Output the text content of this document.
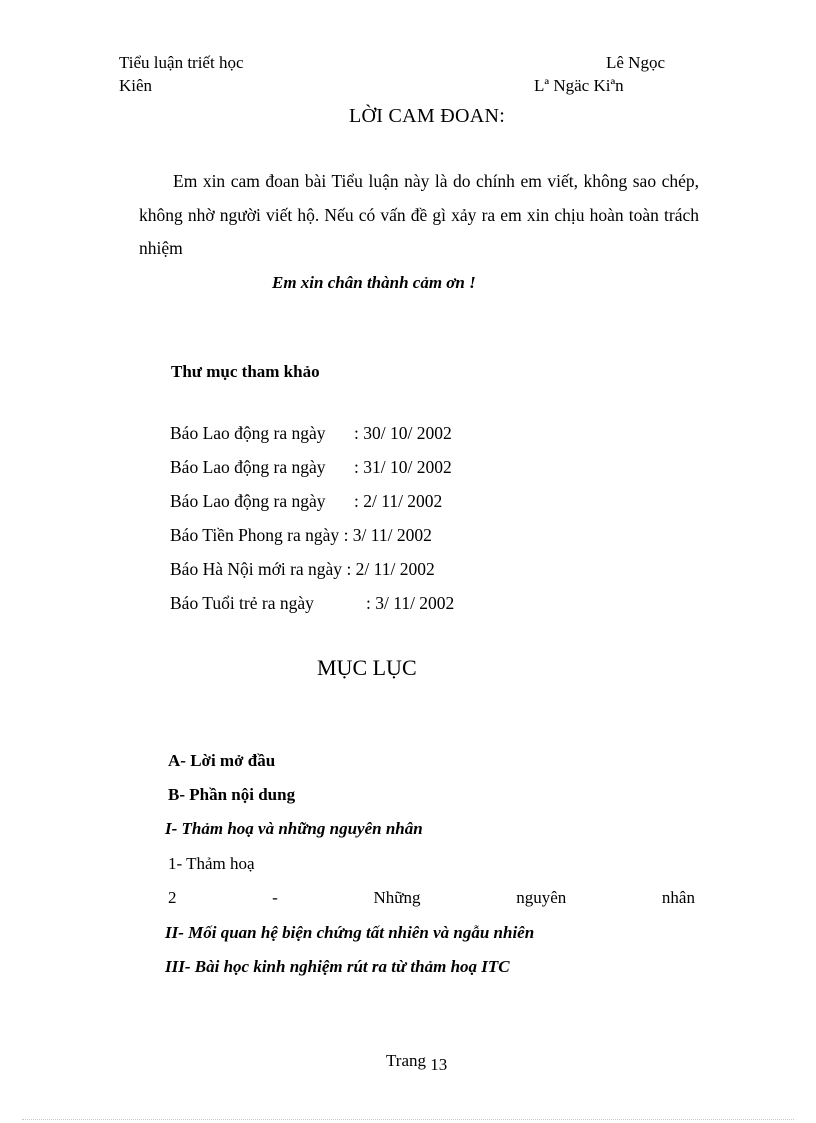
Tiểu luận triết học
Kiên
Lê Ngọc
Lª Ngäc Kiªn
LỜI CAM ĐOAN:
Em xin cam đoan bài Tiểu luận này là do chính em viết, không sao chép, không nhờ người viết hộ. Nếu có vấn đề gì xảy ra em xin chịu hoàn toàn trách nhiệm
Em xin chân thành cảm ơn !
Thư mục tham khảo
Báo Lao động ra ngày : 30/ 10/ 2002
Báo Lao động ra ngày : 31/ 10/ 2002
Báo Lao động ra ngày : 2/ 11/ 2002
Báo Tiền Phong ra ngày : 3/ 11/ 2002
Báo Hà Nội mới ra ngày : 2/ 11/ 2002
Báo Tuổi trẻ ra ngày	: 3/ 11/ 2002
MỤC LỤC
A- Lời mở đầu
B- Phần nội dung
I- Thảm hoạ và những nguyên nhân
1- Thảm hoạ
2	-	Những	nguyên	nhân
II- Mối quan hệ biện chứng tất nhiên và ngẫu nhiên
III- Bài học kinh nghiệm rút ra từ thảm hoạ ITC
Trang 13
